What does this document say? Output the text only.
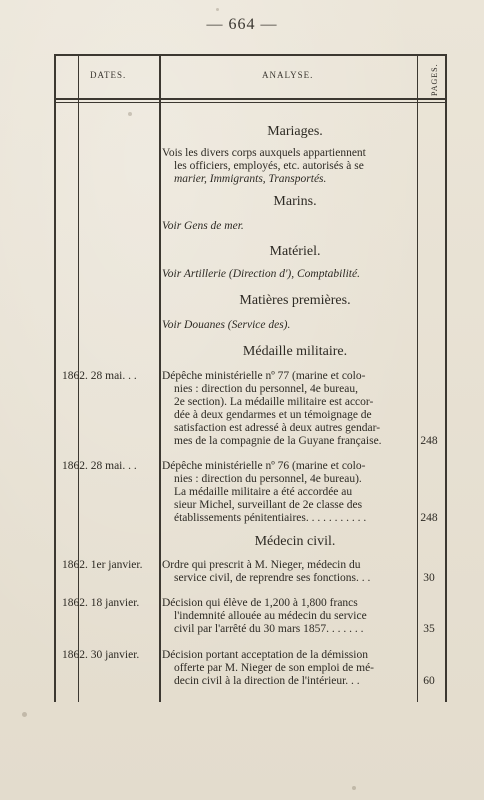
— 664 —
DATES.	ANALYSE.	PAGES.
Mariages.
Vois les divers corps auxquels appartiennent

les officiers, employés, etc. autorisés à se
marier, Immigrants, Transportés.
Marins.
Voir Gens de mer.
Matériel.
Voir Artillerie (Direction d'), Comptabilité.
Matières premières.
Voir Douanes (Service des).
Médaille militaire.
1862. 28 mai. . .	Dépêche ministérielle nº 77 (marine et colo-
nies : direction du personnel, 4e bureau,
2e section). La médaille militaire est accor-
dée à deux gendarmes et un témoignage de
satisfaction est adressé à deux autres gendar-
mes de la compagnie de la Guyane française.	248
1862. 28 mai. . .	Dépêche ministérielle nº 76 (marine et colo-
nies : direction du personnel, 4e bureau).
La médaille militaire a été accordée au
sieur Michel, surveillant de 2e classe des
établissements pénitentiaires. . . . . . . . . . .	248
Médecin civil.
1862. 1er janvier.	Ordre qui prescrit à M. Nieger, médecin du
service civil, de reprendre ses fonctions. . .	30
1862. 18 janvier.	Décision qui élève de 1,200 à 1,800 francs
l'indemnité allouée au médecin du service
civil par l'arrêté du 30 mars 1857. . . . . . .	35
1862. 30 janvier.	Décision portant acceptation de la démission
offerte par M. Nieger de son emploi de mé-
decin civil à la direction de l'intérieur. . .	60
